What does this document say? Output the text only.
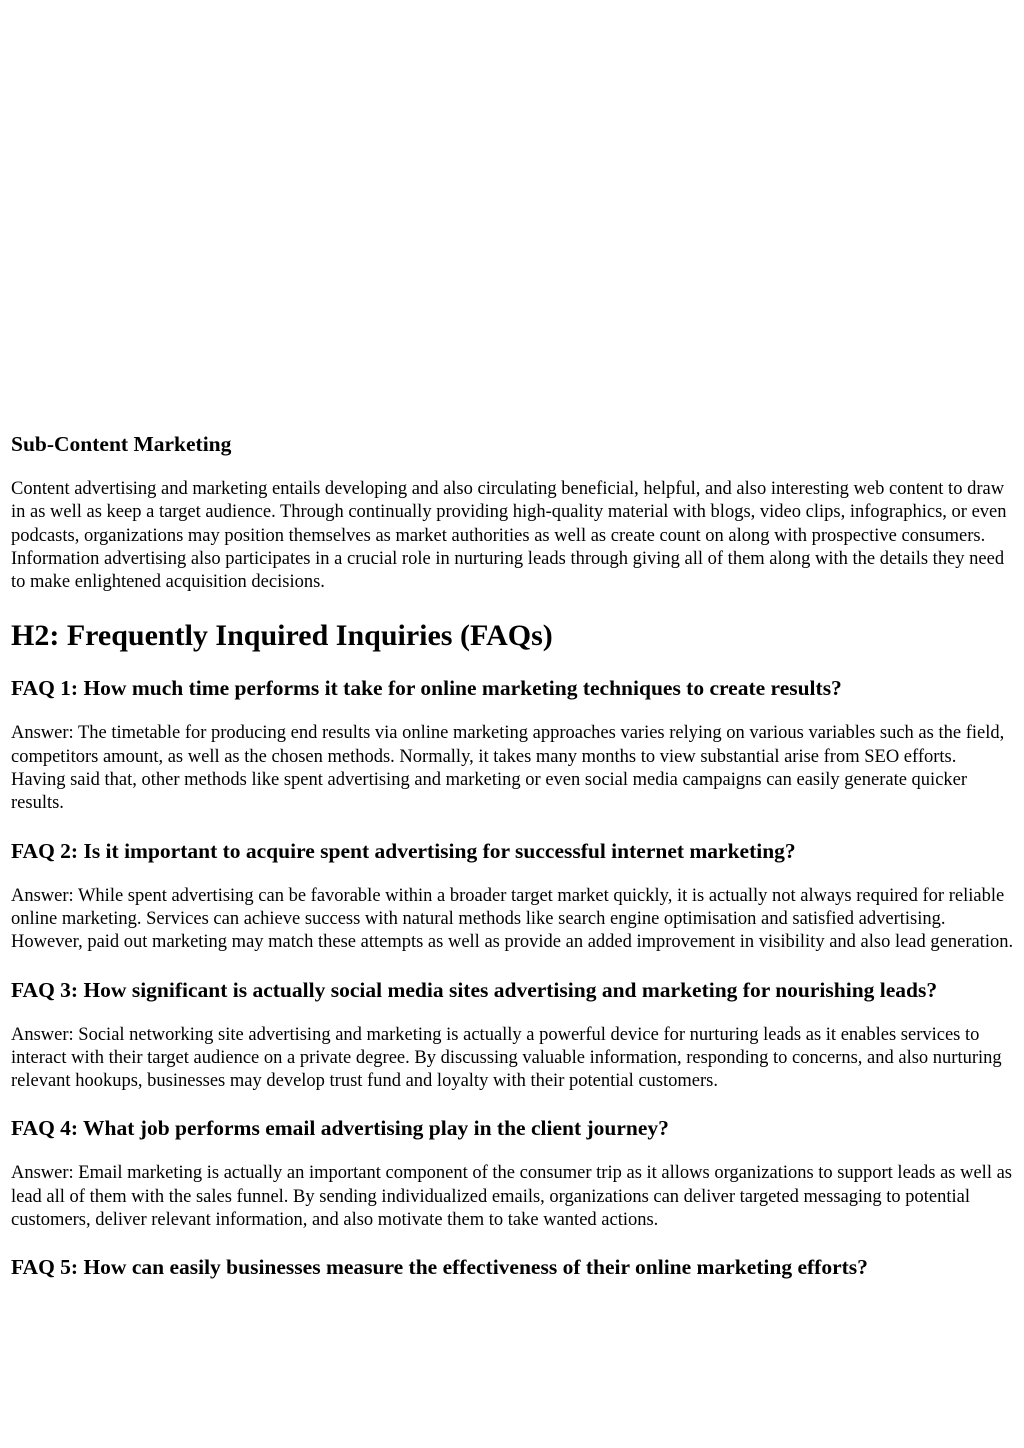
Sub-Content Marketing

Content advertising and marketing entails developing and also circulating beneficial, helpful, and also interesting web content to draw in as well as keep a target audience. Through continually providing high-quality material with blogs, video clips, infographics, or even podcasts, organizations may position themselves as market authorities as well as create count on along with prospective consumers. Information advertising also participates in a crucial role in nurturing leads through giving all of them along with the details they need to make enlightened acquisition decisions.

H2: Frequently Inquired Inquiries (FAQs)
FAQ 1: How much time performs it take for online marketing techniques to create results?

Answer: The timetable for producing end results via online marketing approaches varies relying on various variables such as the field, competitors amount, as well as the chosen methods. Normally, it takes many months to view substantial arise from SEO efforts. Having said that, other methods like spent advertising and marketing or even social media campaigns can easily generate quicker results.

FAQ 2: Is it important to acquire spent advertising for successful internet marketing?

Answer: While spent advertising can be favorable within a broader target market quickly, it is actually not always required for reliable online marketing. Services can achieve success with natural methods like search engine optimisation and satisfied advertising. However, paid out marketing may match these attempts as well as provide an added improvement in visibility and also lead generation.

FAQ 3: How significant is actually social media sites advertising and marketing for nourishing leads?

Answer: Social networking site advertising and marketing is actually a powerful device for nurturing leads as it enables services to interact with their target audience on a private degree. By discussing valuable information, responding to concerns, and also nurturing relevant hookups, businesses may develop trust fund and loyalty with their potential customers.

FAQ 4: What job performs email advertising play in the client journey?

Answer: Email marketing is actually an important component of the consumer trip as it allows organizations to support leads as well as lead all of them with the sales funnel. By sending individualized emails, organizations can deliver targeted messaging to potential customers, deliver relevant information, and also motivate them to take wanted actions.

FAQ 5: How can easily businesses measure the effectiveness of their online marketing efforts?
